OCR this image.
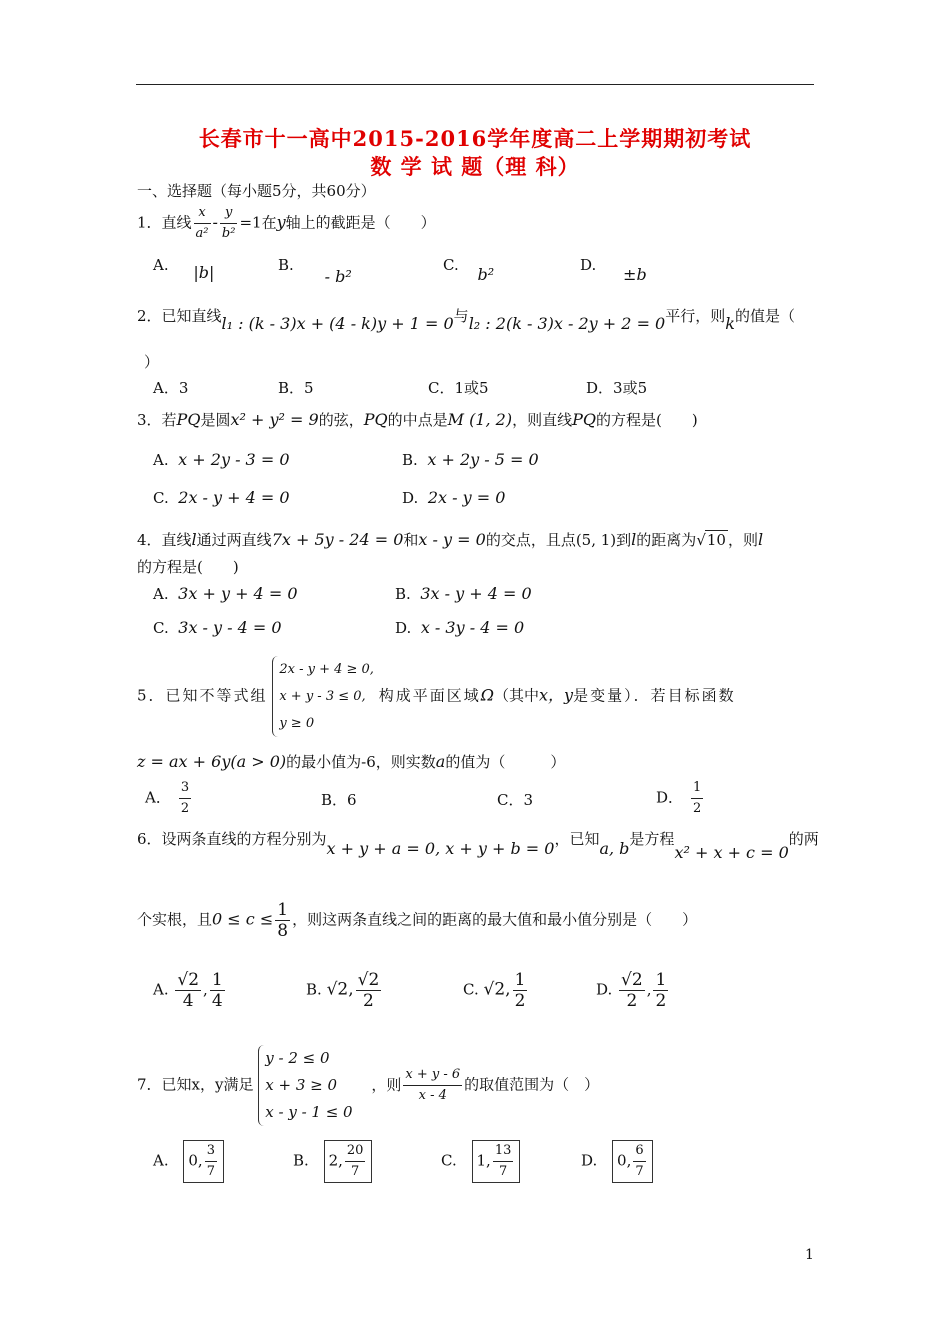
长春市十一高中2015-2016学年度高二上学期期初考试
数 学 试 题（理 科）
一、选择题（每小题5分，共60分）
1．直线 $\frac{x}{\text{a²}} - \frac{y}{\text{b²}} =1$在y轴上的截距是（　　）
A. |b|	B. - b²
C. b²	D. ±b
2．已知直线l₁ : (k - 3)x + (4 - k)y + 1 = 0与l₂ : 2(k - 3)x - 2y + 2 = 0平行，则k的值是（
）
A．3	B．5	C．1或5	D．3或5
3．若PQ是圆x² + y² = 9的弦，PQ的中点是M (1, 2)，则直线PQ的方程是(　　)
A. x + 2y - 3 = 0	B. x + 2y - 5 = 0
C. 2x - y + 4 = 0	D. 2x - y = 0
4．直线l通过两直线7x + 5y - 24 = 0和x - y = 0的交点，且点(5, 1)到l的距离为√10 ，则l
的方程是(　　)
A. 3x + y + 4 = 0	B. 3x - y + 4 = 0
C. 3x - y - 4 = 0	D. x - 3y - 4 = 0
5．已知不等式组
2x - y + 4 ≥ 0,
x + y - 3 ≤ 0,
y ≥ 0
构成平面区域Ω（其中x，y是变量）．若目标函数
z = ax + 6y(a > 0)的最小值为-6，则实数a的值为（　　　）
A． $\frac{3}{2}$	B．6	C．3	D． $\frac{1}{2}$
6．设两条直线的方程分别为x + y + a = 0, x + y + b = 0，已知a, b是方程x² + x + c = 0的两
个实根，且$0 \le c \le \frac{1}{8}$ ，则这两条直线之间的距离的最大值和最小值分别是（　　）
A. $\frac{√2}{4}$ , $\frac{1}{4}$	B. √2, $\frac{√2}{2}$	C. √2, $\frac{1}{2}$	D. $\frac{√2}{2}$ , $\frac{1}{2}$
7．已知x，y满足
y - 2 ≤ 0
x + 3 ≥ 0
x - y - 1 ≤ 0
，则 $\frac{x + y - 6}{x - 4}$ 的取值范围为（　）
A. 0, $\frac{3}{7}$	B. 2, $\frac{20}{7}$	C. 1, $\frac{13}{7}$	D. 0, $\frac{6}{7}$
1
